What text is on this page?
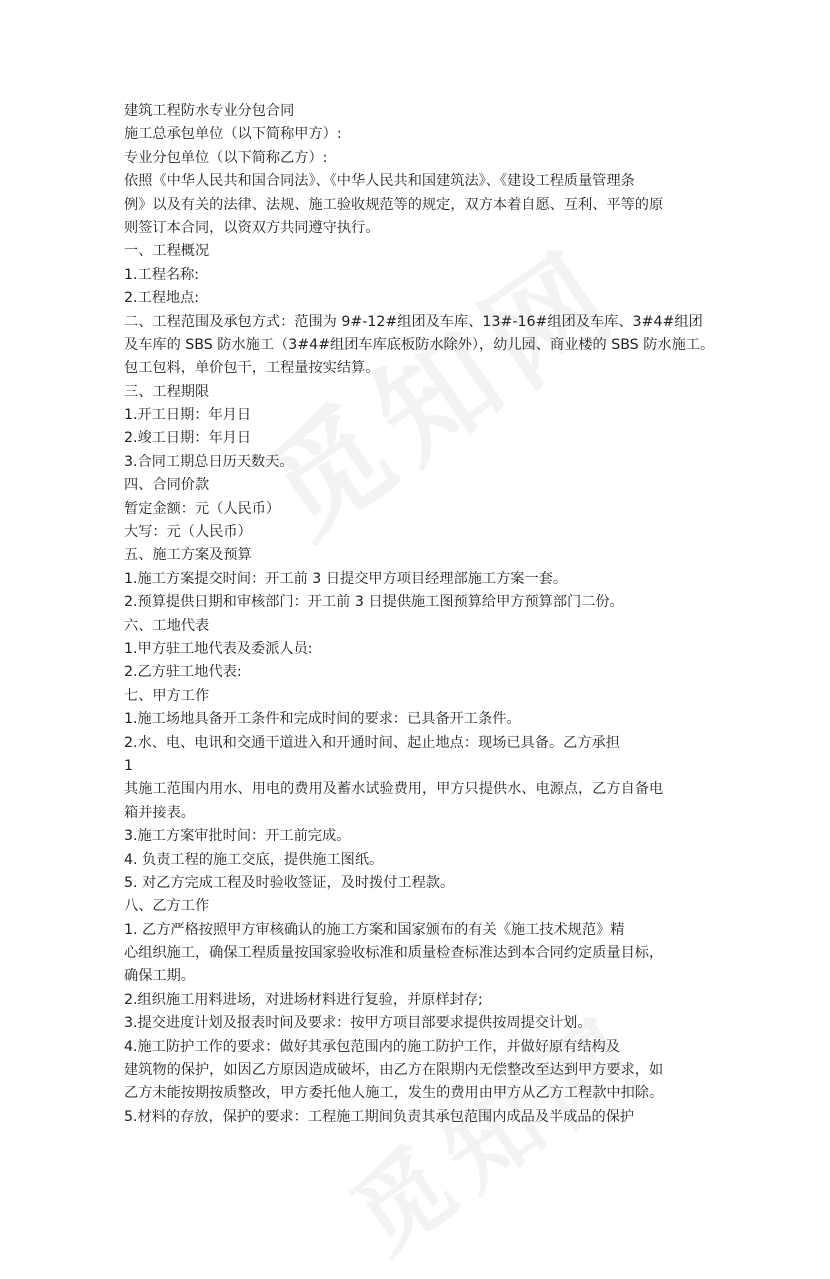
建筑工程防水专业分包合同
施工总承包单位（以下简称甲方）:
专业分包单位（以下简称乙方）:
依照《中华人民共和国合同法》、《中华人民共和国建筑法》、《建设工程质量管理条
例》以及有关的法律、法规、施工验收规范等的规定，双方本着自愿、互利、平等的原
则签订本合同，以资双方共同遵守执行。
一、工程概况
1.工程名称:
2.工程地点:
二、工程范围及承包方式：范围为 9#-12#组团及车库、13#-16#组团及车库、3#4#组团
及车库的 SBS 防水施工（3#4#组团车库底板防水除外），幼儿园、商业楼的 SBS 防水施工。
包工包料，单价包干，工程量按实结算。
三、工程期限
1.开工日期：年月日
2.竣工日期：年月日
3.合同工期总日历天数天。
四、合同价款
暂定金额：元（人民币）
大写：元（人民币）
五、施工方案及预算
1.施工方案提交时间：开工前 3 日提交甲方项目经理部施工方案一套。
2.预算提供日期和审核部门：开工前 3 日提供施工图预算给甲方预算部门二份。
六、工地代表
1.甲方驻工地代表及委派人员:
2.乙方驻工地代表:
七、甲方工作
1.施工场地具备开工条件和完成时间的要求：已具备开工条件。
2.水、电、电讯和交通干道进入和开通时间、起止地点：现场已具备。乙方承担
1
其施工范围内用水、用电的费用及蓄水试验费用，甲方只提供水、电源点，乙方自备电
箱并接表。
3.施工方案审批时间：开工前完成。
4. 负责工程的施工交底，提供施工图纸。
5. 对乙方完成工程及时验收签证，及时拨付工程款。
八、乙方工作
1. 乙方严格按照甲方审核确认的施工方案和国家颁布的有关《施工技术规范》精
心组织施工，确保工程质量按国家验收标准和质量检查标准达到本合同约定质量目标，
确保工期。
2.组织施工用料进场，对进场材料进行复验，并原样封存;
3.提交进度计划及报表时间及要求：按甲方项目部要求提供按周提交计划。
4.施工防护工作的要求：做好其承包范围内的施工防护工作，并做好原有结构及
建筑物的保护，如因乙方原因造成破坏，由乙方在限期内无偿整改至达到甲方要求，如
乙方未能按期按质整改，甲方委托他人施工，发生的费用由甲方从乙方工程款中扣除。
5.材料的存放，保护的要求：工程施工期间负责其承包范围内成品及半成品的保护
